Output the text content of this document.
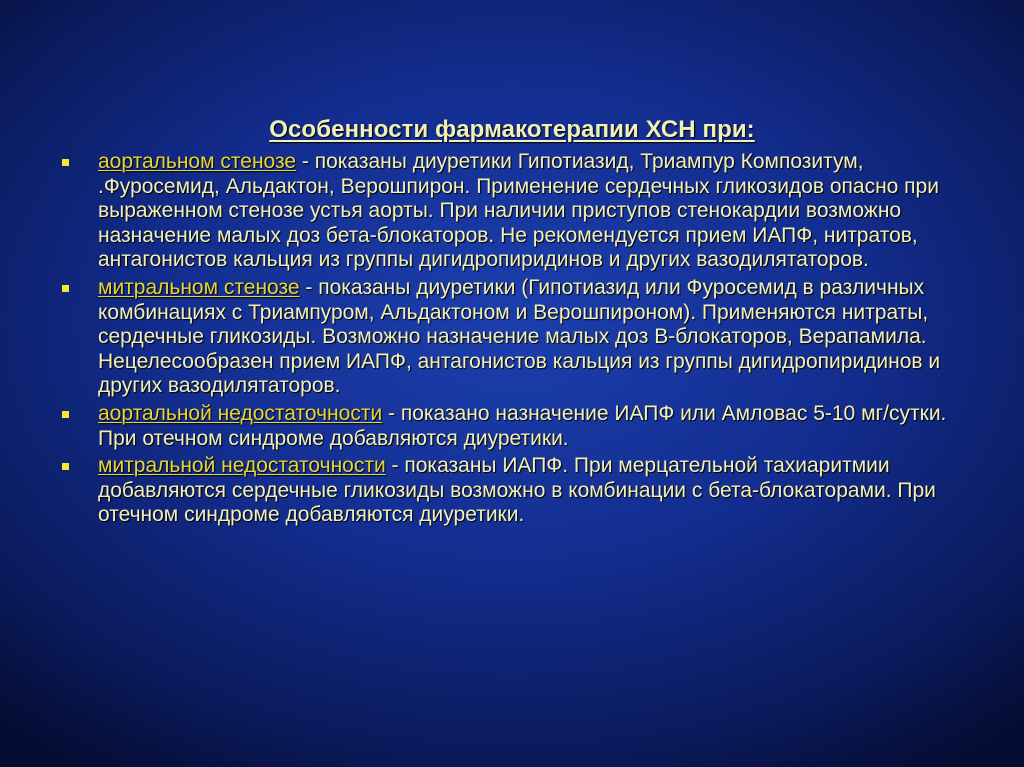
Особенности фармакотерапии ХСН при:
аортальном стенозе - показаны диуретики Гипотиазид, Триампур Композитум, .Фуросемид, Альдактон, Верошпирон. Применение сердечных гликозидов опасно при выраженном стенозе устья аорты. При наличии приступов стенокардии возможно назначение малых доз бета-блокаторов. Не рекомендуется прием ИАПФ, нитратов, антагонистов кальция из группы дигидропиридинов и других вазодилятаторов.
митральном стенозе - показаны диуретики (Гипотиазид или Фуросемид в различных комбинациях с Триампуром, Альдактоном и Верошпироном). Применяются нитраты, сердечные гликозиды. Возможно назначение малых доз В-блокаторов, Верапамила. Нецелесообразен прием ИАПФ, антагонистов кальция из группы дигидропиридинов и других вазодилятаторов.
аортальной недостаточности - показано назначение ИАПФ или Амловас 5-10 мг/сутки. При отечном синдроме добавляются диуретики.
митральной недостаточности - показаны ИАПФ. При мерцательной тахиаритмии добавляются сердечные гликозиды возможно в комбинации с бета-блокаторами. При отечном синдроме добавляются диуретики.
